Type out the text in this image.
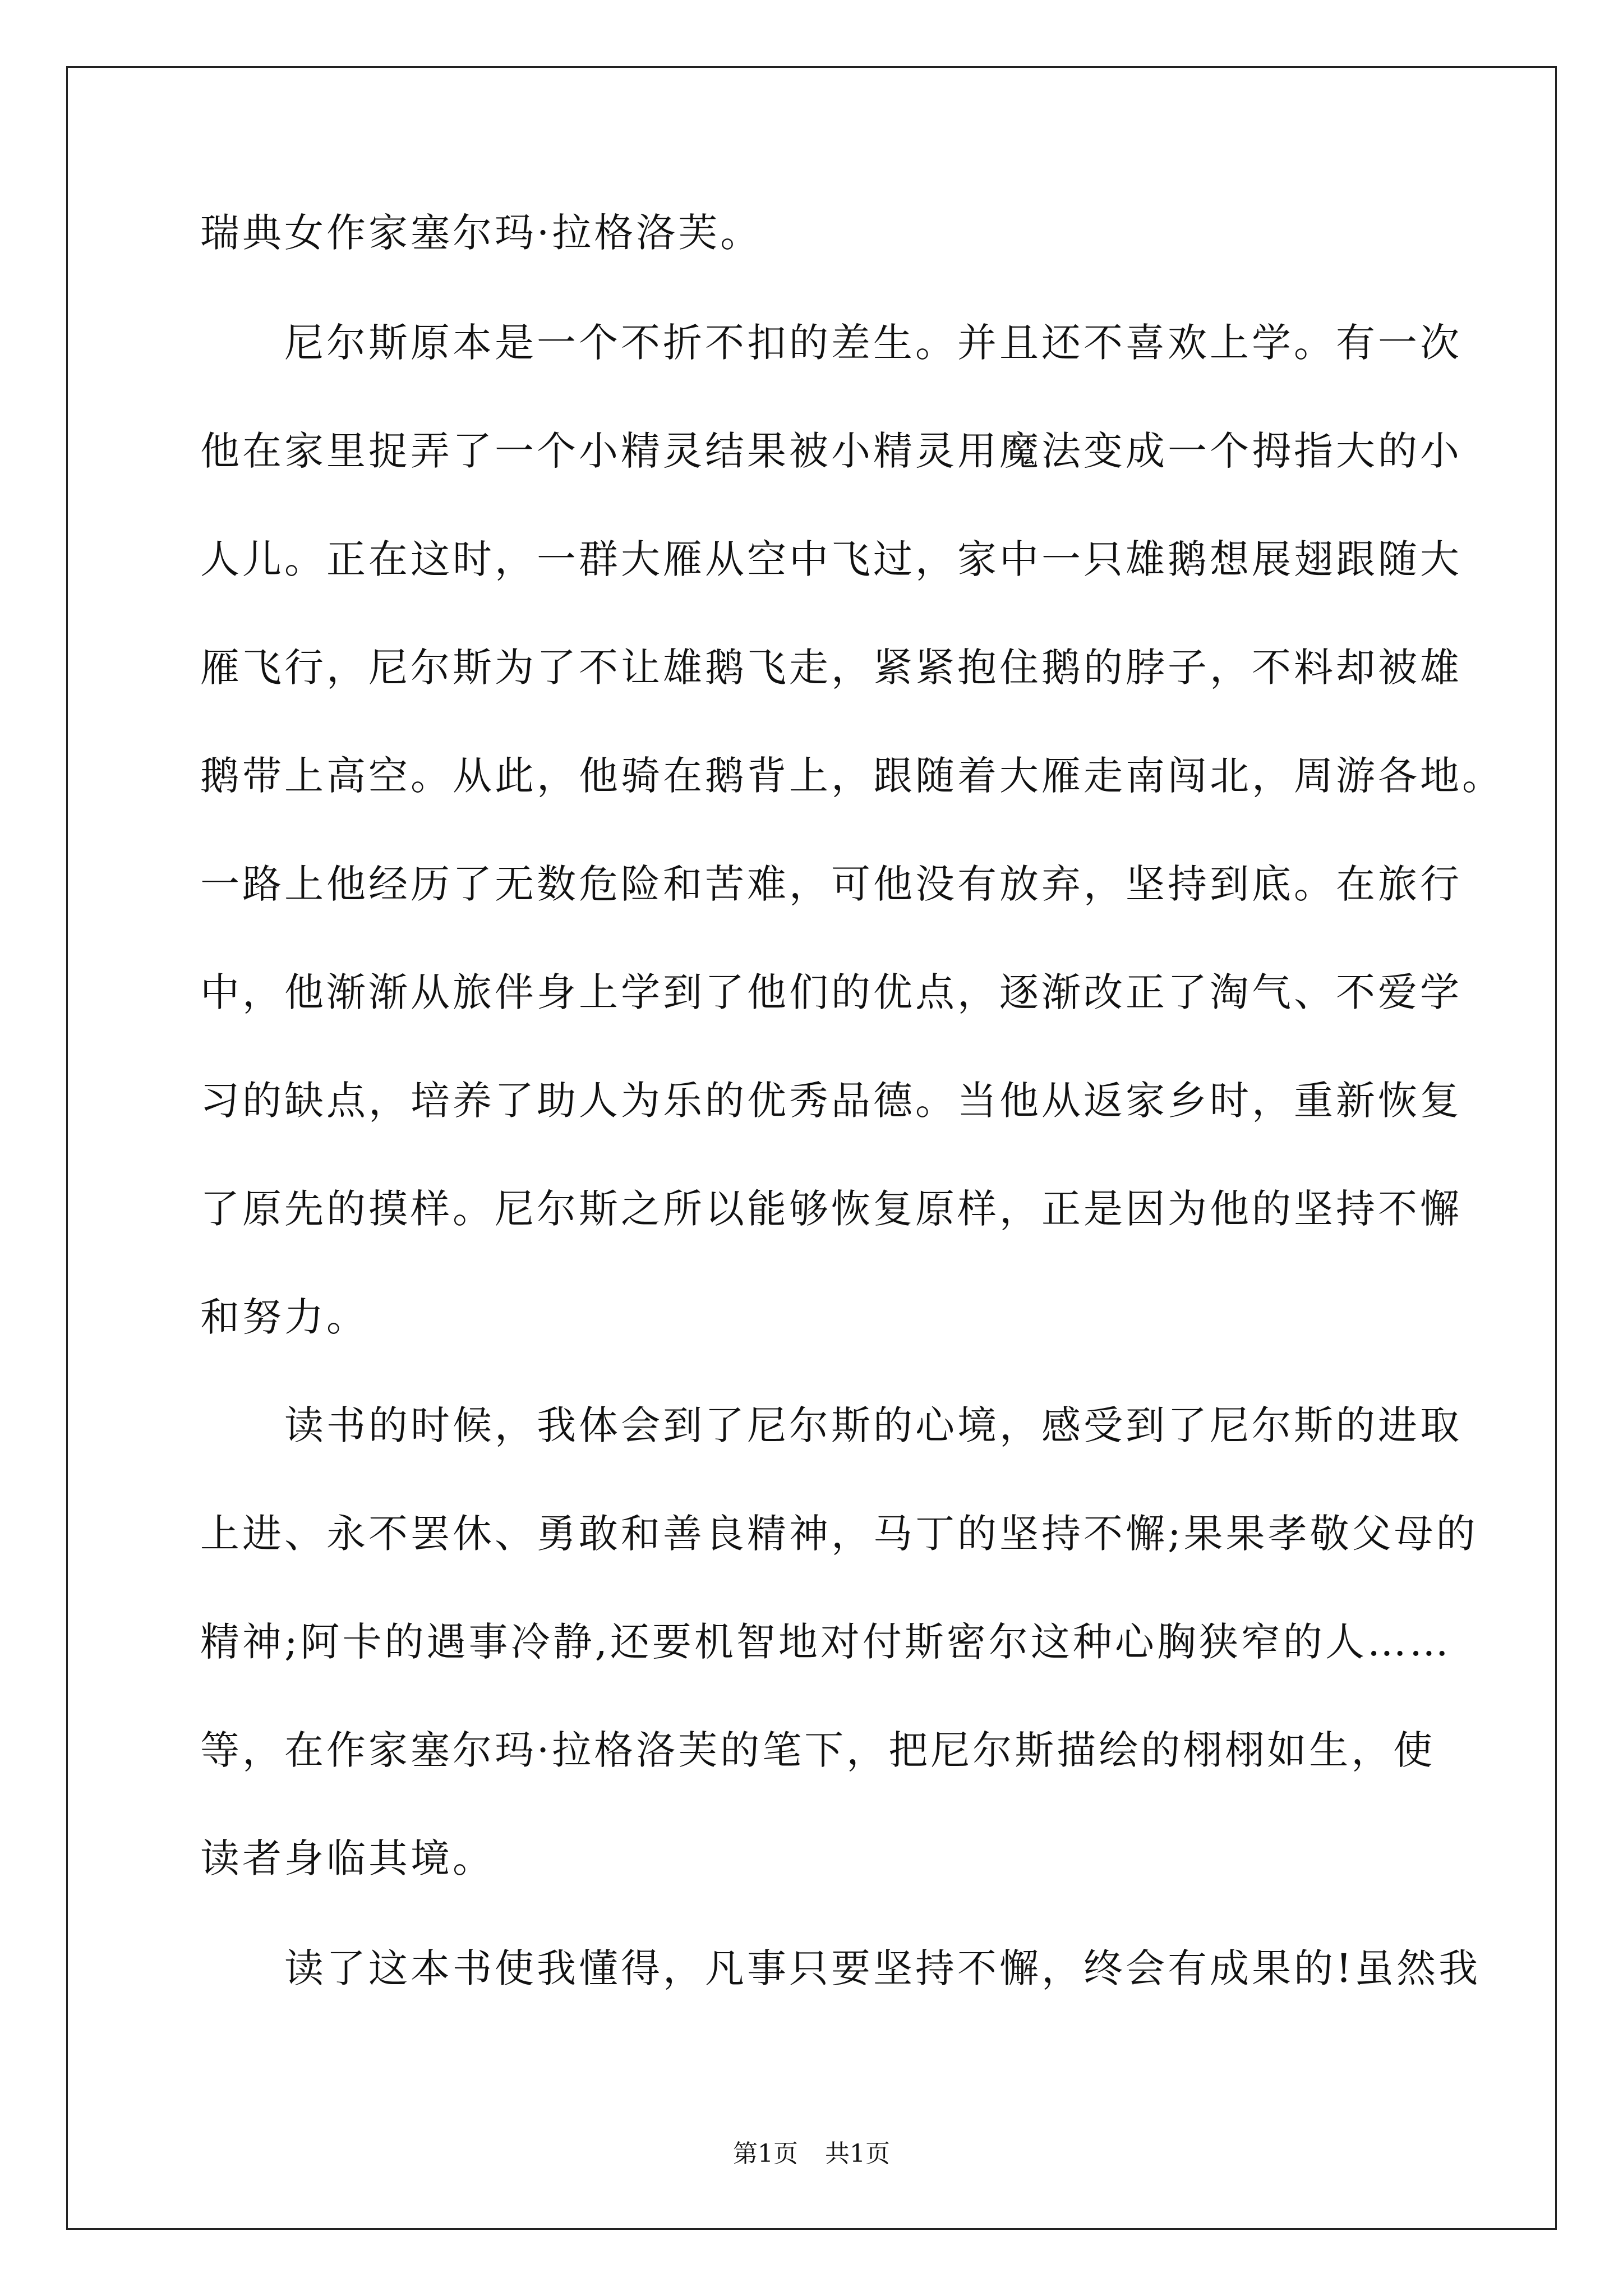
瑞典女作家塞尔玛·拉格洛芙。
尼尔斯原本是一个不折不扣的差生。并且还不喜欢上学。有一次
他在家里捉弄了一个小精灵结果被小精灵用魔法变成一个拇指大的小
人儿。正在这时，一群大雁从空中飞过，家中一只雄鹅想展翅跟随大
雁飞行，尼尔斯为了不让雄鹅飞走，紧紧抱住鹅的脖子，不料却被雄
鹅带上高空。从此，他骑在鹅背上，跟随着大雁走南闯北，周游各地。
一路上他经历了无数危险和苦难，可他没有放弃，坚持到底。在旅行
中，他渐渐从旅伴身上学到了他们的优点，逐渐改正了淘气、不爱学
习的缺点，培养了助人为乐的优秀品德。当他从返家乡时，重新恢复
了原先的摸样。尼尔斯之所以能够恢复原样，正是因为他的坚持不懈
和努力。
读书的时候，我体会到了尼尔斯的心境，感受到了尼尔斯的进取
上进、永不罢休、勇敢和善良精神，马丁的坚持不懈;果果孝敬父母的
精神;阿卡的遇事冷静,还要机智地对付斯密尔这种心胸狭窄的人……
等，在作家塞尔玛·拉格洛芙的笔下，把尼尔斯描绘的栩栩如生，使
读者身临其境。
读了这本书使我懂得，凡事只要坚持不懈，终会有成果的!虽然我
第1页 共1页
